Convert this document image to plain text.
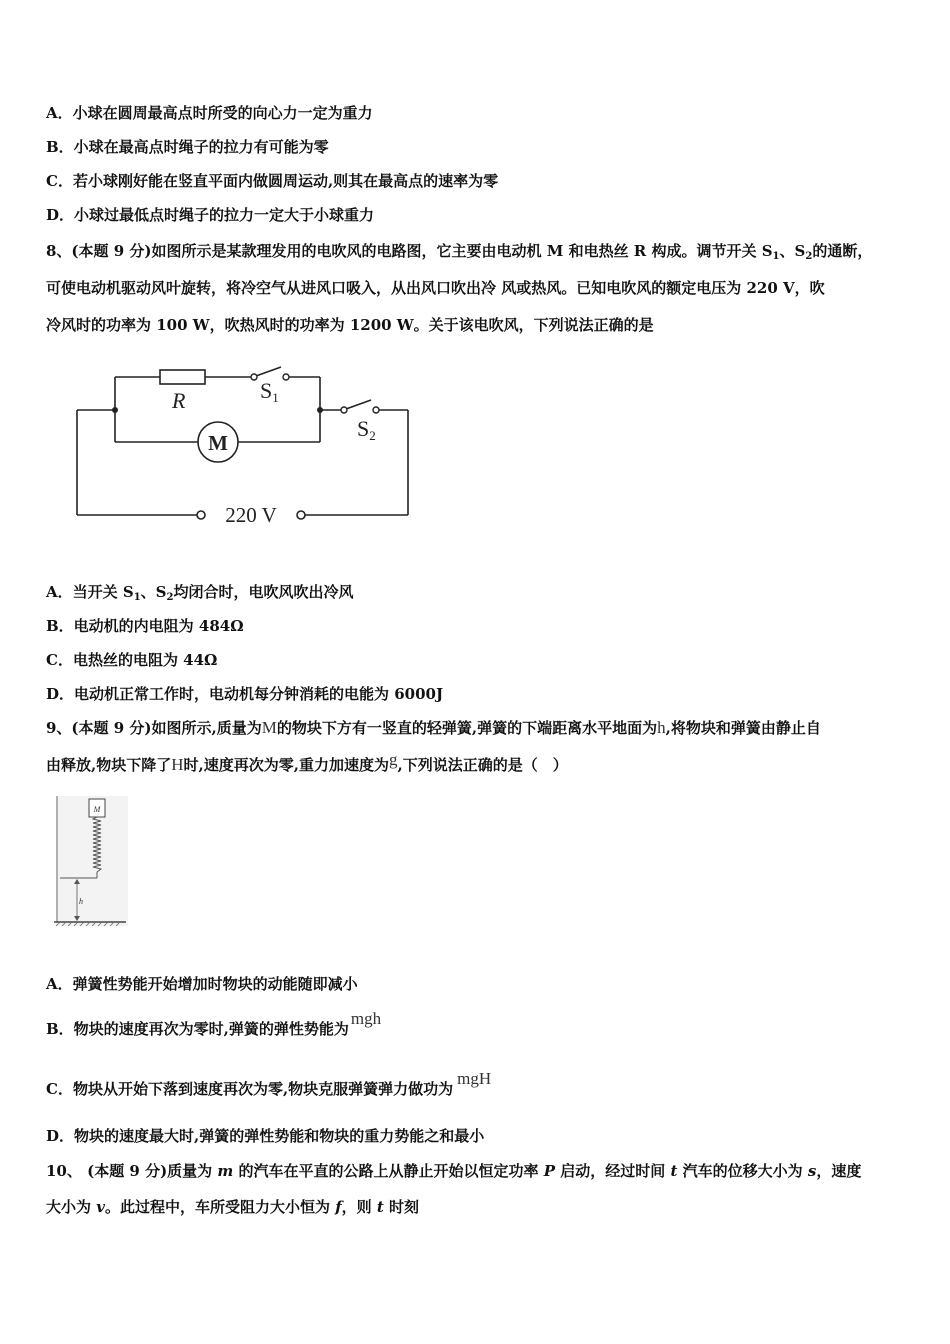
A．小球在圆周最高点时所受的向心力一定为重力
B．小球在最高点时绳子的拉力有可能为零
C．若小球刚好能在竖直平面内做圆周运动,则其在最高点的速率为零
D．小球过最低点时绳子的拉力一定大于小球重力
8、(本题 9 分)如图所示是某款理发用的电吹风的电路图，它主要由电动机 M 和电热丝 R 构成。调节开关 $S_1$、$S_2$的通断，
可使电动机驱动风叶旋转，将冷空气从进风口吸入，从出风口吹出冷 风或热风。已知电吹风的额定电压为 220 V，吹
冷风时的功率为 100 W，吹热风时的功率为 1200 W。关于该电吹风，下列说法正确的是
R	S1
S2
M
220 V
A．当开关 $S_1$、$S_2$均闭合时，电吹风吹出冷风
B．电动机的内电阻为 484Ω
C．电热丝的电阻为 44Ω
D．电动机正常工作时，电动机每分钟消耗的电能为 6000J
9、(本题 9 分)如图所示,质量为M的物块下方有一竖直的轻弹簧,弹簧的下端距离水平地面为h,将物块和弹簧由静止自
由释放,物块下降了H时,速度再次为零,重力加速度为g,下列说法正确的是（　）
M
h
A．弹簧性势能开始增加时物块的动能随即减小
B．物块的速度再次为零时,弹簧的弹性势能为mgh
C．物块从开始下落到速度再次为零,物块克服弹簧弹力做功为mgH
D．物块的速度最大时,弹簧的弹性势能和物块的重力势能之和最小
10、 (本题 9 分)质量为 m 的汽车在平直的公路上从静止开始以恒定功率 P 启动，经过时间 t 汽车的位移大小为 s，速度
大小为 v。此过程中，车所受阻力大小恒为 f，则 t 时刻
